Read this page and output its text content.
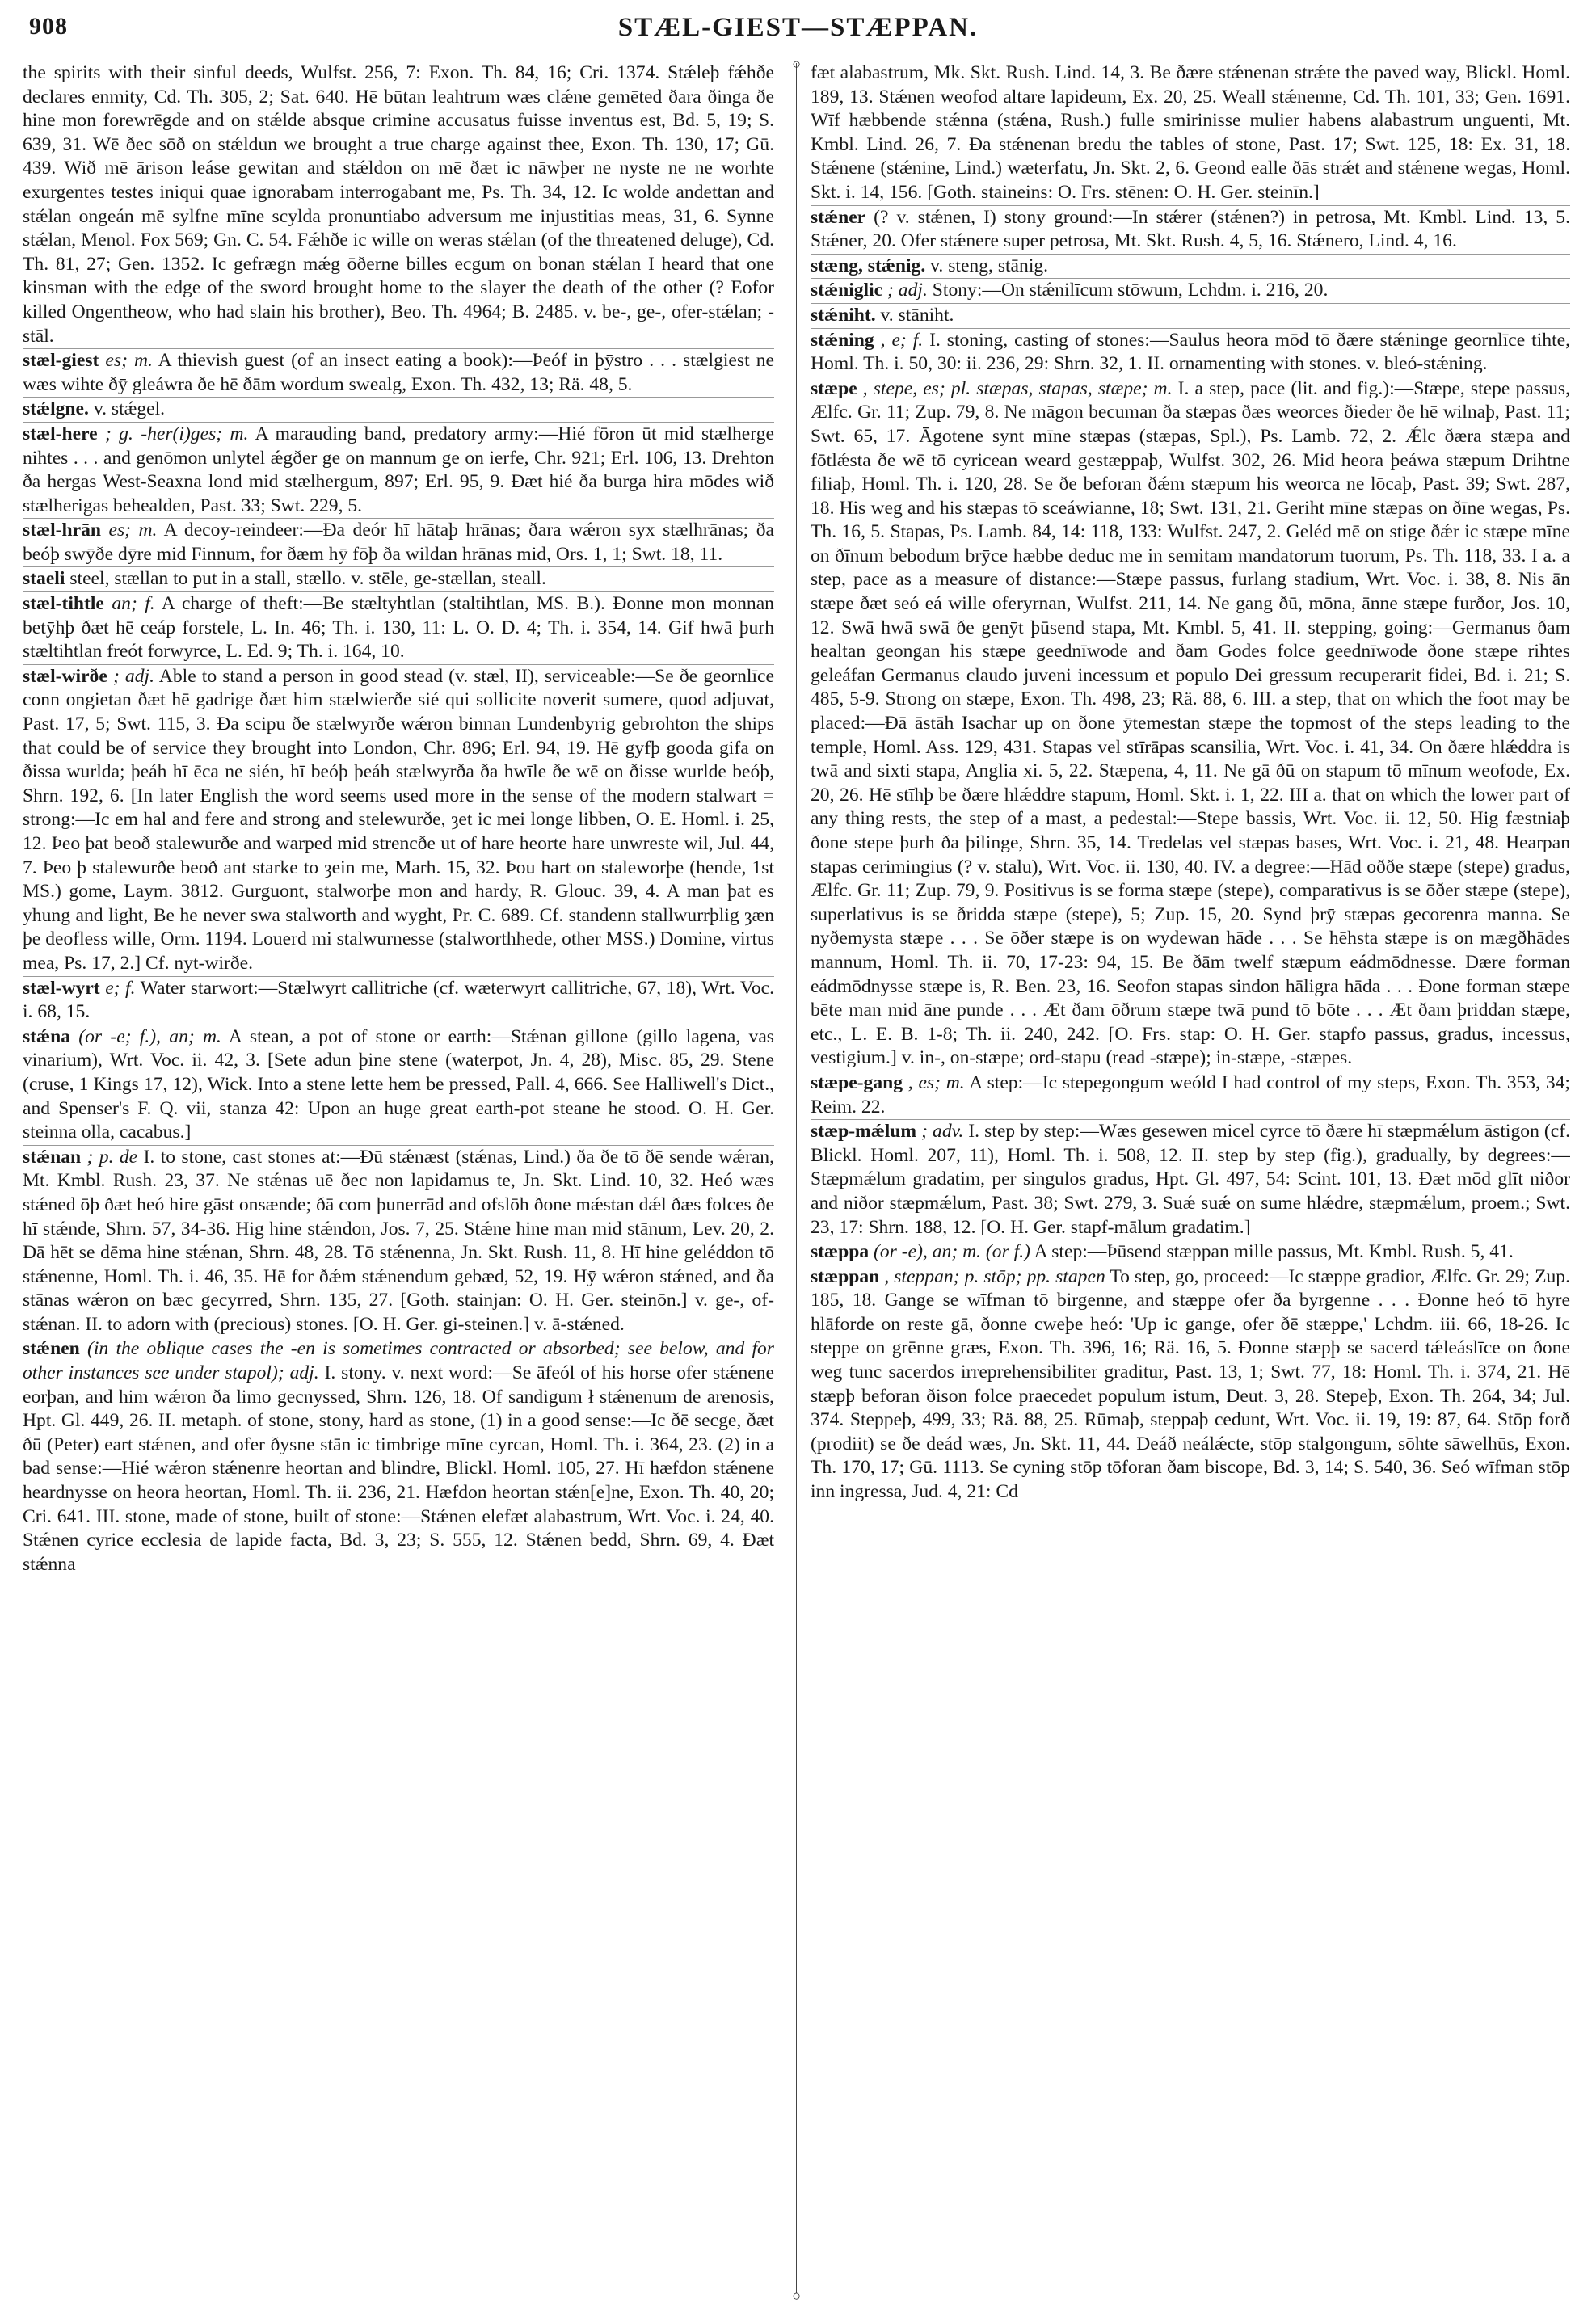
908	STÆL-GIEST—STÆPPAN.
○
○

the spirits with their sinful deeds, Wulfst. 256, 7: Exon. Th. 84, 16; Cri. 1374. Stǽleþ fǽhðe declares enmity, Cd. Th. 305, 2; Sat. 640. Hē būtan leahtrum wæs clǽne gemēted ðara ðinga ðe hine mon forewrēgde and on stǽlde absque crimine accusatus fuisse inventus est, Bd. 5, 19; S. 639, 31. Wē ðec sōð on stǽldun we brought a true charge against thee, Exon. Th. 130, 17; Gū. 439. Wið mē ārison leáse gewitan and stǽldon on mē ðæt ic nāwþer ne nyste ne ne worhte exurgentes testes iniqui quae ignorabam interrogabant me, Ps. Th. 34, 12. Ic wolde andettan and stǽlan ongeán mē sylfne mīne scylda pronuntiabo adversum me injustitias meas, 31, 6. Synne stǽlan, Menol. Fox 569; Gn. C. 54. Fǽhðe ic wille on weras stǽlan (of the threatened deluge), Cd. Th. 81, 27; Gen. 1352. Ic gefrægn mǽg ōðerne billes ecgum on bonan stǽlan I heard that one kinsman with the edge of the sword brought home to the slayer the death of the other (? Eofor killed Ongentheow, who had slain his brother), Beo. Th. 4964; B. 2485. v. be-, ge-, ofer-stǽlan; -stāl.

stæl-giest es; m. A thievish guest (of an insect eating a book):—Þeóf in þȳstro . . . stælgiest ne wæs wihte ðȳ gleáwra ðe hē ðām wordum swealg, Exon. Th. 432, 13; Rä. 48, 5.

stǽlgne. v. stǽgel.

stæl-here ; g. -her(i)ges; m. A marauding band, predatory army:—Hié fōron ūt mid stælherge nihtes . . . and genōmon unlytel ǽgðer ge on mannum ge on ierfe, Chr. 921; Erl. 106, 13. Drehton ða hergas West-Seaxna lond mid stælhergum, 897; Erl. 95, 9. Ðæt hié ða burga hira mōdes wið stælherigas behealden, Past. 33; Swt. 229, 5.

stæl-hrān es; m. A decoy-reindeer:—Ða deór hī hātaþ hrānas; ðara wǽron syx stælhrānas; ða beóþ swȳðe dȳre mid Finnum, for ðæm hȳ fōþ ða wildan hrānas mid, Ors. 1, 1; Swt. 18, 11.

staeli steel, stællan to put in a stall, stællo. v. stēle, ge-stællan, steall.

stæl-tihtle an; f. A charge of theft:—Be stæltyhtlan (staltihtlan, MS. B.). Ðonne mon monnan betȳhþ ðæt hē ceáp forstele, L. In. 46; Th. i. 130, 11: L. O. D. 4; Th. i. 354, 14. Gif hwā þurh stæltihtlan freót forwyrce, L. Ed. 9; Th. i. 164, 10.

stæl-wirðe ; adj. Able to stand a person in good stead (v. stæl, II), serviceable:—Se ðe geornlīce conn ongietan ðæt hē gadrige ðæt him stælwierðe sié qui sollicite noverit sumere, quod adjuvat, Past. 17, 5; Swt. 115, 3. Ða scipu ðe stælwyrðe wǽron binnan Lundenbyrig gebrohton the ships that could be of service they brought into London, Chr. 896; Erl. 94, 19. Hē gyfþ gooda gifa on ðissa wurlda; þeáh hī ēca ne sién, hī beóþ þeáh stælwyrða ða hwīle ðe wē on ðisse wurlde beóþ, Shrn. 192, 6. [In later English the word seems used more in the sense of the modern stalwart = strong:—Ic em hal and fere and strong and stelewurðe, ȝet ic mei longe libben, O. E. Homl. i. 25, 12. Þeo þat beoð stalewurðe and warped mid strencðe ut of hare heorte hare unwreste wil, Jul. 44, 7. Þeo þ stalewurðe beoð ant starke to ȝein me, Marh. 15, 32. Þou hart on staleworþe (hende, 1st MS.) gome, Laym. 3812. Gurguont, stalworþe mon and hardy, R. Glouc. 39, 4. A man þat es yhung and light, Be he never swa stalworth and wyght, Pr. C. 689. Cf. standenn stallwurrþlig ȝæn þe deofless wille, Orm. 1194. Louerd mi stalwurnesse (stalworthhede, other MSS.) Domine, virtus mea, Ps. 17, 2.] Cf. nyt-wirðe.

stæl-wyrt e; f. Water starwort:—Stælwyrt callitriche (cf. wæterwyrt callitriche, 67, 18), Wrt. Voc. i. 68, 15.

stǽna (or -e; f.), an; m. A stean, a pot of stone or earth:—Stǽnan gillone (gillo lagena, vas vinarium), Wrt. Voc. ii. 42, 3. [Sete adun þine stene (waterpot, Jn. 4, 28), Misc. 85, 29. Stene (cruse, 1 Kings 17, 12), Wick. Into a stene lette hem be pressed, Pall. 4, 666. See Halliwell's Dict., and Spenser's F. Q. vii, stanza 42: Upon an huge great earth-pot steane he stood. O. H. Ger. steinna olla, cacabus.]

stǽnan ; p. de I. to stone, cast stones at:—Ðū stǽnæst (stǽnas, Lind.) ða ðe tō ðē sende wǽran, Mt. Kmbl. Rush. 23, 37. Ne stǽnas uē ðec non lapidamus te, Jn. Skt. Lind. 10, 32. Heó wæs stǽned ōþ ðæt heó hire gāst onsænde; ðā com þunerrād and ofslōh ðone mǽstan dǽl ðæs folces ðe hī stǽnde, Shrn. 57, 34-36. Hig hine stǽndon, Jos. 7, 25. Stǽne hine man mid stānum, Lev. 20, 2. Ðā hēt se dēma hine stǽnan, Shrn. 48, 28. Tō stǽnenna, Jn. Skt. Rush. 11, 8. Hī hine geléddon tō stǽnenne, Homl. Th. i. 46, 35. Hē for ðǽm stǽnendum gebæd, 52, 19. Hȳ wǽron stǽned, and ða stānas wǽron on bæc gecyrred, Shrn. 135, 27. [Goth. stainjan: O. H. Ger. steinōn.] v. ge-, of-stǽnan. II. to adorn with (precious) stones. [O. H. Ger. gi-steinen.] v. ā-stǽned.

stǽnen (in the oblique cases the -en is sometimes contracted or absorbed; see below, and for other instances see under stapol); adj. I. stony. v. next word:—Se āfeól of his horse ofer stǽnene eorþan, and him wǽron ða limo gecnyssed, Shrn. 126, 18. Of sandigum ł stǽnenum de arenosis, Hpt. Gl. 449, 26. II. metaph. of stone, stony, hard as stone, (1) in a good sense:—Ic ðē secge, ðæt ðū (Peter) eart stǽnen, and ofer ðysne stān ic timbrige mīne cyrcan, Homl. Th. i. 364, 23. (2) in a bad sense:—Hié wǽron stǽnenre heortan and blindre, Blickl. Homl. 105, 27. Hī hæfdon stǽnene heardnysse on heora heortan, Homl. Th. ii. 236, 21. Hæfdon heortan stǽn[e]ne, Exon. Th. 40, 20; Cri. 641. III. stone, made of stone, built of stone:—Stǽnen elefæt alabastrum, Wrt. Voc. i. 24, 40. Stǽnen cyrice ecclesia de lapide facta, Bd. 3, 23; S. 555, 12. Stǽnen bedd, Shrn. 69, 4. Ðæt stǽnna

fæt alabastrum, Mk. Skt. Rush. Lind. 14, 3. Be ðære stǽnenan strǽte the paved way, Blickl. Homl. 189, 13. Stǽnen weofod altare lapideum, Ex. 20, 25. Weall stǽnenne, Cd. Th. 101, 33; Gen. 1691. Wīf hæbbende stǽnna (stǽna, Rush.) fulle smirinisse mulier habens alabastrum unguenti, Mt. Kmbl. Lind. 26, 7. Ða stǽnenan bredu the tables of stone, Past. 17; Swt. 125, 18: Ex. 31, 18. Stǽnene (stǽnine, Lind.) wæterfatu, Jn. Skt. 2, 6. Geond ealle ðās strǽt and stǽnene wegas, Homl. Skt. i. 14, 156. [Goth. staineins: O. Frs. stēnen: O. H. Ger. steinīn.]

stǽner (? v. stǽnen, I) stony ground:—In stǽrer (stǽnen?) in petrosa, Mt. Kmbl. Lind. 13, 5. Stǽner, 20. Ofer stǽnere super petrosa, Mt. Skt. Rush. 4, 5, 16. Stǽnero, Lind. 4, 16.

stæng, stǽnig. v. steng, stānig.

stǽniglic ; adj. Stony:—On stǽnilīcum stōwum, Lchdm. i. 216, 20.

stǽniht. v. stāniht.

stǽning , e; f. I. stoning, casting of stones:—Saulus heora mōd tō ðære stǽninge geornlīce tihte, Homl. Th. i. 50, 30: ii. 236, 29: Shrn. 32, 1. II. ornamenting with stones. v. bleó-stǽning.

stæpe , stepe, es; pl. stæpas, stapas, stæpe; m. I. a step, pace (lit. and fig.):—Stæpe, stepe passus, Ælfc. Gr. 11; Zup. 79, 8. Ne māgon becuman ða stæpas ðæs weorces ðieder ðe hē wilnaþ, Past. 11; Swt. 65, 17. Āgotene synt mīne stæpas (stæpas, Spl.), Ps. Lamb. 72, 2. Ǽlc ðæra stæpa and fōtlǽsta ðe wē tō cyricean weard gestæppaþ, Wulfst. 302, 26. Mid heora þeáwa stæpum Drihtne filiaþ, Homl. Th. i. 120, 28. Se ðe beforan ðǽm stæpum his weorca ne lōcaþ, Past. 39; Swt. 287, 18. His weg and his stæpas tō sceáwianne, 18; Swt. 131, 21. Geriht mīne stæpas on ðīne wegas, Ps. Th. 16, 5. Stapas, Ps. Lamb. 84, 14: 118, 133: Wulfst. 247, 2. Geléd mē on stige ðǽr ic stæpe mīne on ðīnum bebodum brȳce hæbbe deduc me in semitam mandatorum tuorum, Ps. Th. 118, 33. I a. a step, pace as a measure of distance:—Stæpe passus, furlang stadium, Wrt. Voc. i. 38, 8. Nis ān stæpe ðæt seó eá wille oferyrnan, Wulfst. 211, 14. Ne gang ðū, mōna, ānne stæpe furðor, Jos. 10, 12. Swā hwā swā ðe genȳt þūsend stapa, Mt. Kmbl. 5, 41. II. stepping, going:—Germanus ðam healtan geongan his stæpe geednīwode and ðam Godes folce geednīwode ðone stæpe rihtes geleáfan Germanus claudo juveni incessum et populo Dei gressum recuperarit fidei, Bd. i. 21; S. 485, 5-9. Strong on stæpe, Exon. Th. 498, 23; Rä. 88, 6. III. a step, that on which the foot may be placed:—Ðā āstāh Isachar up on ðone ȳtemestan stæpe the topmost of the steps leading to the temple, Homl. Ass. 129, 431. Stapas vel stīrāpas scansilia, Wrt. Voc. i. 41, 34. On ðære hlǽddra is twā and sixti stapa, Anglia xi. 5, 22. Stæpena, 4, 11. Ne gā ðū on stapum tō mīnum weofode, Ex. 20, 26. Hē stīhþ be ðære hlǽddre stapum, Homl. Skt. i. 1, 22. III a. that on which the lower part of any thing rests, the step of a mast, a pedestal:—Stepe bassis, Wrt. Voc. ii. 12, 50. Hig fæstniaþ ðone stepe þurh ða þilinge, Shrn. 35, 14. Tredelas vel stæpas bases, Wrt. Voc. i. 21, 48. Hearpan stapas cerimingius (? v. stalu), Wrt. Voc. ii. 130, 40. IV. a degree:—Hād oððe stæpe (stepe) gradus, Ælfc. Gr. 11; Zup. 79, 9. Positivus is se forma stæpe (stepe), comparativus is se ōðer stæpe (stepe), superlativus is se ðridda stæpe (stepe), 5; Zup. 15, 20. Synd þrȳ stæpas gecorenra manna. Se nyðemysta stæpe . . . Se ōðer stæpe is on wydewan hāde . . . Se hēhsta stæpe is on mægðhādes mannum, Homl. Th. ii. 70, 17-23: 94, 15. Be ðām twelf stæpum eádmōdnesse. Ðære forman eádmōdnysse stæpe is, R. Ben. 23, 16. Seofon stapas sindon hāligra hāda . . . Ðone forman stæpe bēte man mid āne punde . . . Æt ðam ōðrum stæpe twā pund tō bōte . . . Æt ðam þriddan stæpe, etc., L. E. B. 1-8; Th. ii. 240, 242. [O. Frs. stap: O. H. Ger. stapfo passus, gradus, incessus, vestigium.] v. in-, on-stæpe; ord-stapu (read -stæpe); in-stæpe, -stæpes.

stæpe-gang , es; m. A step:—Ic stepegongum weóld I had control of my steps, Exon. Th. 353, 34; Reim. 22.

stæp-mǽlum ; adv. I. step by step:—Wæs gesewen micel cyrce tō ðære hī stæpmǽlum āstigon (cf. Blickl. Homl. 207, 11), Homl. Th. i. 508, 12. II. step by step (fig.), gradually, by degrees:—Stæpmǽlum gradatim, per singulos gradus, Hpt. Gl. 497, 54: Scint. 101, 13. Ðæt mōd glīt niðor and niðor stæpmǽlum, Past. 38; Swt. 279, 3. Suǽ suǽ on sume hlǽdre, stæpmǽlum, proem.; Swt. 23, 17: Shrn. 188, 12. [O. H. Ger. stapf-mālum gradatim.]

stæppa (or -e), an; m. (or f.) A step:—Þūsend stæppan mille passus, Mt. Kmbl. Rush. 5, 41.

stæppan , steppan; p. stōp; pp. stapen To step, go, proceed:—Ic stæppe gradior, Ælfc. Gr. 29; Zup. 185, 18. Gange se wīfman tō birgenne, and stæppe ofer ða byrgenne . . . Ðonne heó tō hyre hlāforde on reste gā, ðonne cweþe heó: 'Up ic gange, ofer ðē stæppe,' Lchdm. iii. 66, 18-26. Ic steppe on grēnne græs, Exon. Th. 396, 16; Rä. 16, 5. Ðonne stæpþ se sacerd tǽleáslīce on ðone weg tunc sacerdos irreprehensibiliter graditur, Past. 13, 1; Swt. 77, 18: Homl. Th. i. 374, 21. Hē stæpþ beforan ðison folce praecedet populum istum, Deut. 3, 28. Stepeþ, Exon. Th. 264, 34; Jul. 374. Steppeþ, 499, 33; Rä. 88, 25. Rūmaþ, steppaþ cedunt, Wrt. Voc. ii. 19, 19: 87, 64. Stōp forð (prodiit) se ðe deád wæs, Jn. Skt. 11, 44. Deáð neálǽcte, stōp stalgongum, sōhte sāwelhūs, Exon. Th. 170, 17; Gū. 1113. Se cyning stōp tōforan ðam biscope, Bd. 3, 14; S. 540, 36. Seó wīfman stōp inn ingressa, Jud. 4, 21: Cd
